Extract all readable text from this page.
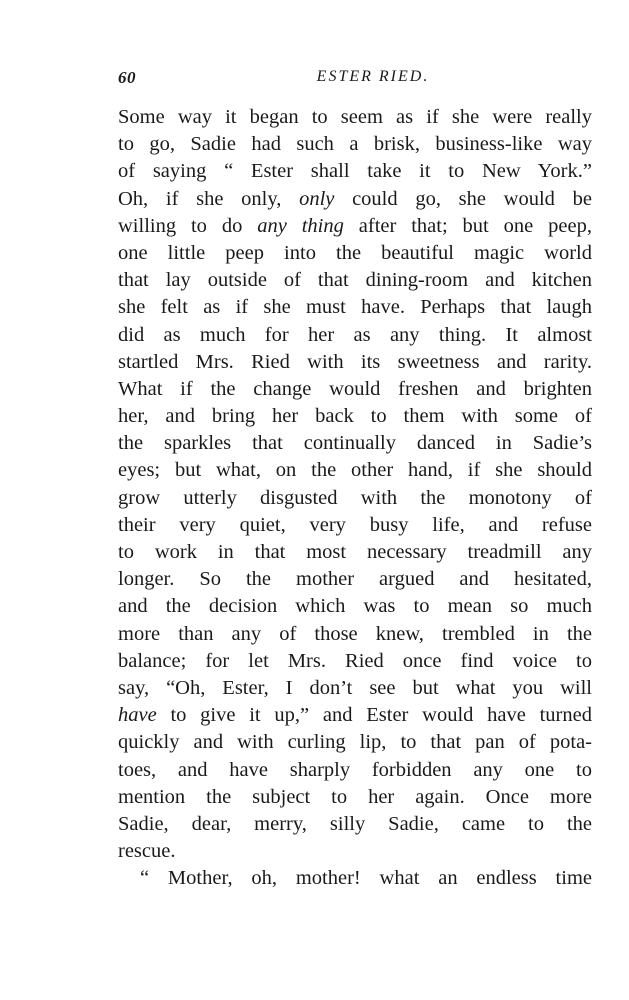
60	ESTER RIED.
Some way it began to seem as if she were really
to go, Sadie had such a brisk, business-like way
of saying “ Ester shall take it to New York.”
Oh, if she only, only could go, she would be
willing to do any thing after that; but one peep,
one little peep into the beautiful magic world
that lay outside of that dining-room and kitchen
she felt as if she must have. Perhaps that laugh
did as much for her as any thing. It almost
startled Mrs. Ried with its sweetness and rarity.
What if the change would freshen and brighten
her, and bring her back to them with some of
the sparkles that continually danced in Sadie’s
eyes; but what, on the other hand, if she should
grow utterly disgusted with the monotony of
their very quiet, very busy life, and refuse
to work in that most necessary treadmill any
longer. So the mother argued and hesitated,
and the decision which was to mean so much
more than any of those knew, trembled in the
balance; for let Mrs. Ried once find voice to
say, “Oh, Ester, I don’t see but what you will
have to give it up,” and Ester would have turned
quickly and with curling lip, to that pan of pota-
toes, and have sharply forbidden any one to
mention the subject to her again. Once more
Sadie, dear, merry, silly Sadie, came to the
rescue.
“ Mother, oh, mother! what an endless time
